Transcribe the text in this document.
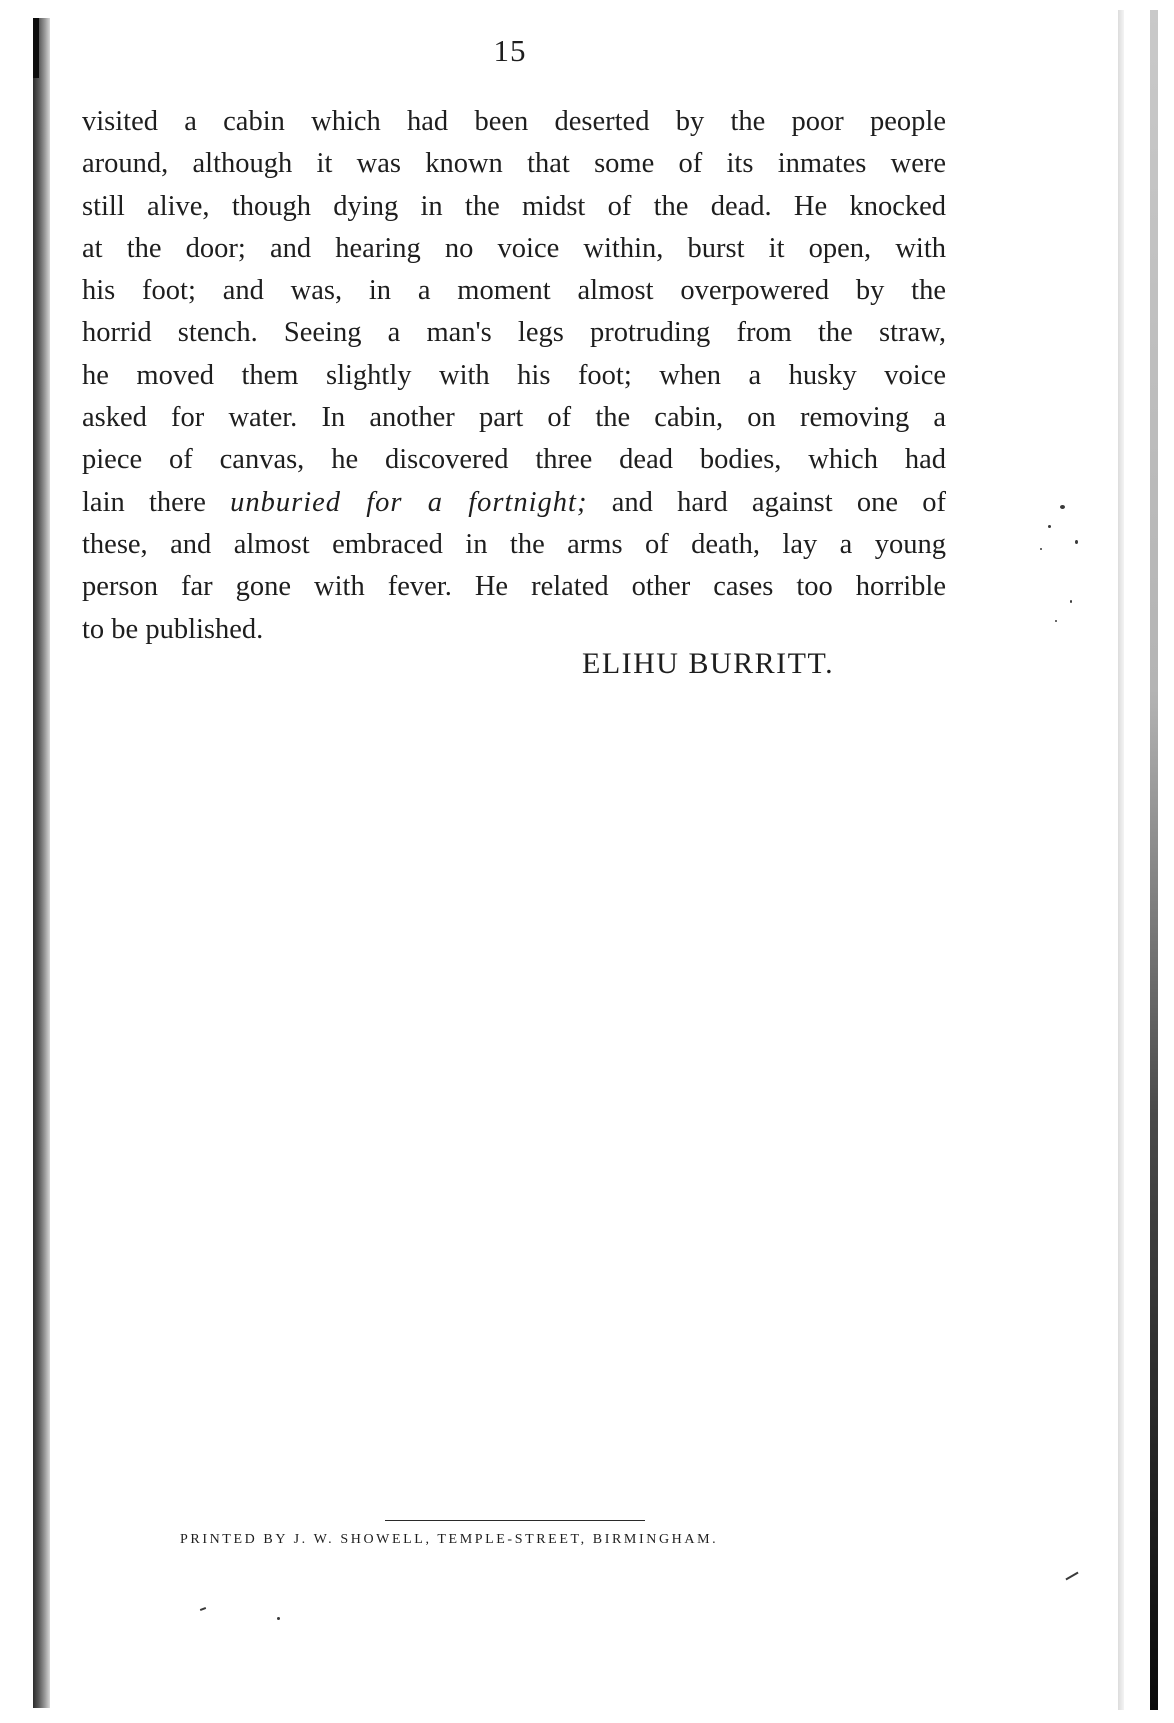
15
visited a cabin which had been deserted by the poor people
around, although it was known that some of its inmates were
still alive, though dying in the midst of the dead. He knocked
at the door; and hearing no voice within, burst it open, with
his foot; and was, in a moment almost overpowered by the
horrid stench. Seeing a man's legs protruding from the straw,
he moved them slightly with his foot; when a husky voice
asked for water. In another part of the cabin, on removing a
piece of canvas, he discovered three dead bodies, which had
lain there unburied for a fortnight; and hard against one of
these, and almost embraced in the arms of death, lay a young
person far gone with fever. He related other cases too horrible
to be published.
ELIHU BURRITT.
PRINTED BY J. W. SHOWELL, TEMPLE-STREET, BIRMINGHAM.
